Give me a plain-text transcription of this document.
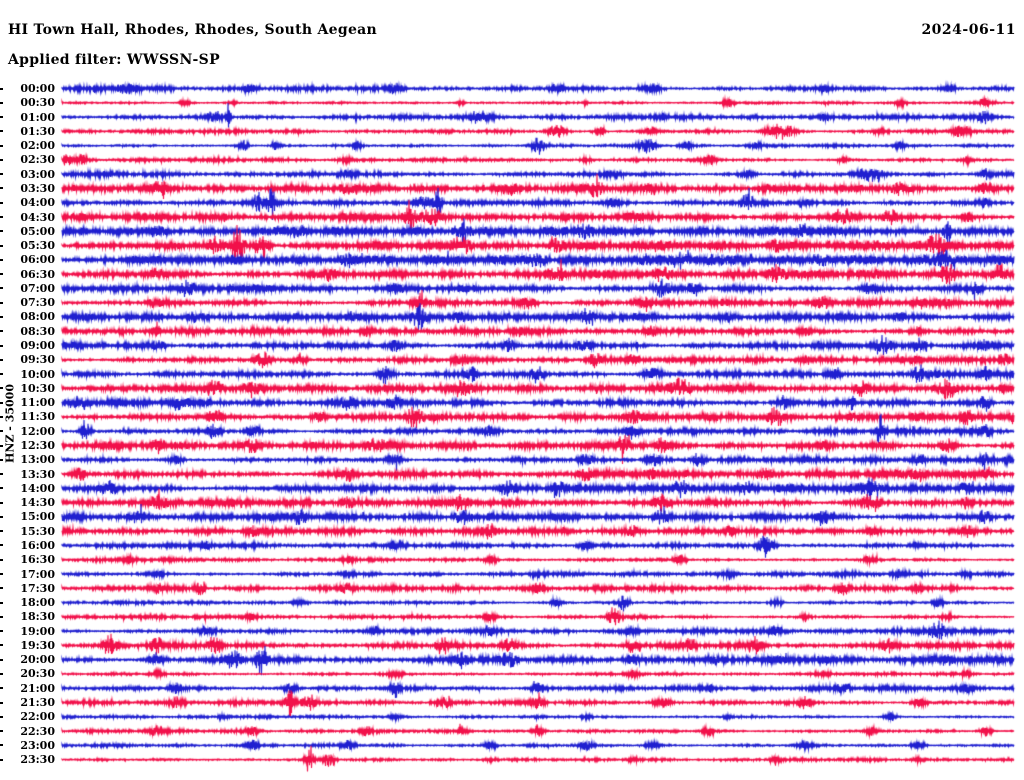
00:00
00:30
01:00
01:30
02:00
02:30
03:00
03:30
04:00
04:30
05:00
05:30
06:00
06:30
07:00
07:30
08:00
08:30
09:00
09:30
10:00
10:30
11:00
11:30
12:00
12:30
13:00
13:30
14:00
14:30
15:00
15:30
16:00
16:30
17:00
17:30
18:00
18:30
19:00
19:30
20:00
20:30
21:00
21:30
22:00
22:30
23:00
23:30
